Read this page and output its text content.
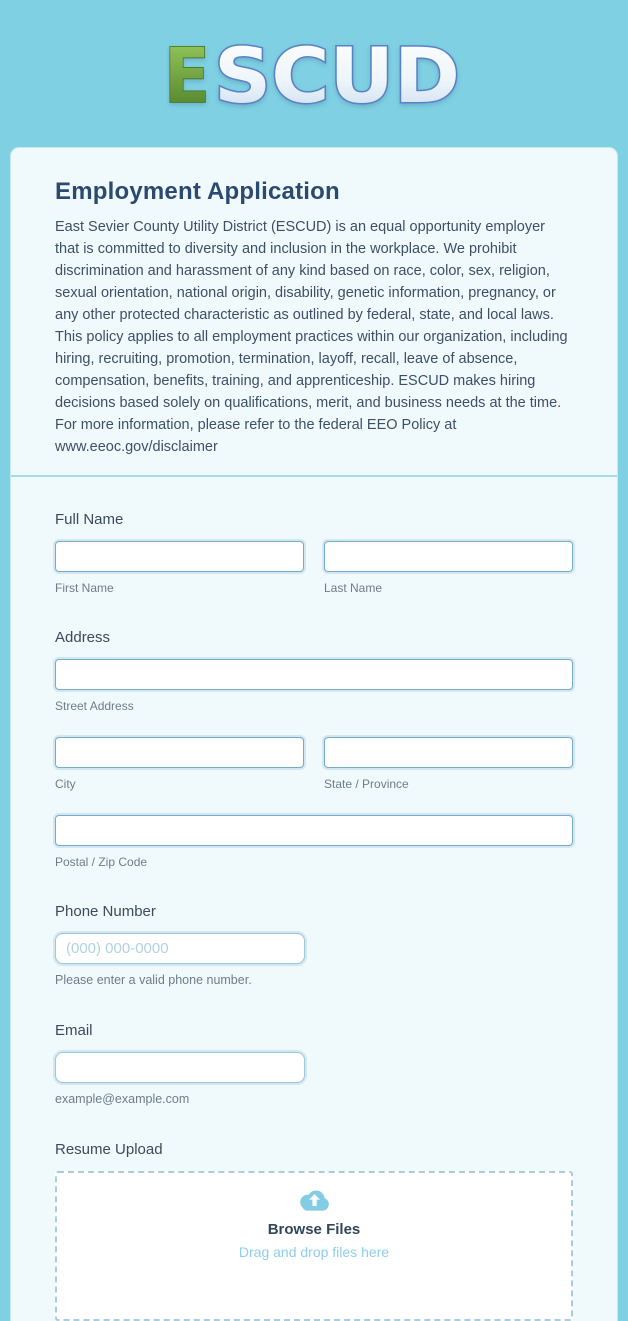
E SCUD
Employment Application

East Sevier County Utility District (ESCUD) is an equal opportunity employer that is committed to diversity and inclusion in the workplace. We prohibit discrimination and harassment of any kind based on race, color, sex, religion, sexual orientation, national origin, disability, genetic information, pregnancy, or any other protected characteristic as outlined by federal, state, and local laws. This policy applies to all employment practices within our organization, including hiring, recruiting, promotion, termination, layoff, recall, leave of absence, compensation, benefits, training, and apprenticeship. ESCUD makes hiring decisions based solely on qualifications, merit, and business needs at the time. For more information, please refer to the federal EEO Policy at www.eeoc.gov/disclaimer

Full Name
First Name	Last Name
Address
Street Address
City	State / Province
Postal / Zip Code
Phone Number
(000) 000-0000
Please enter a valid phone number.
Email
example@example.com
Resume Upload
Browse Files
Drag and drop files here
